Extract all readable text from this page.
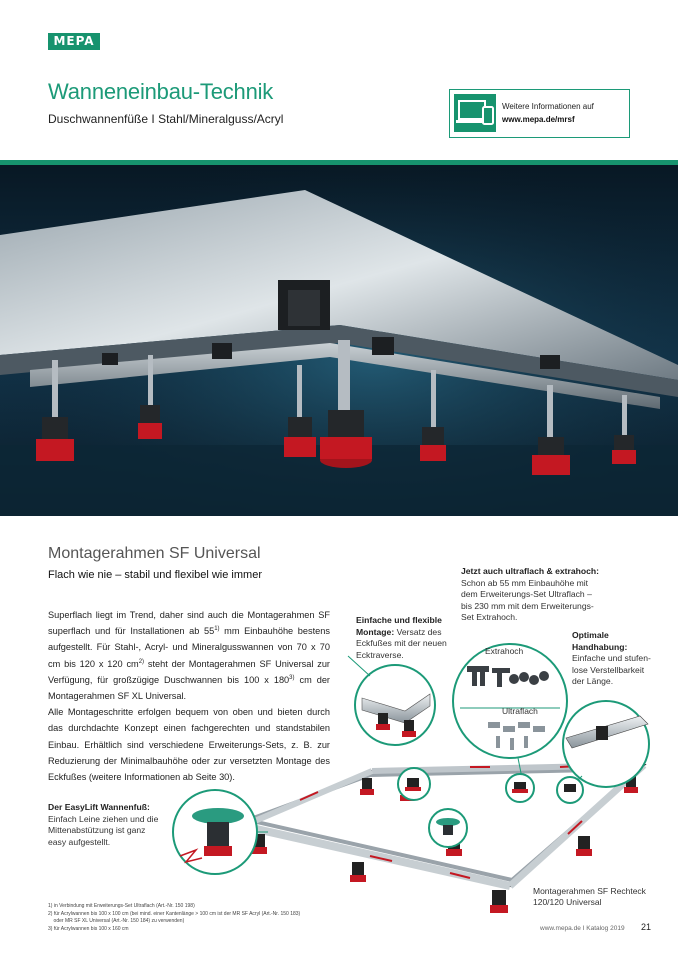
MEPA
Wanneneinbau-Technik
Duschwannenfüße I Stahl/Mineralguss/Acryl
Weitere Informationen auf
www.mepa.de/mrsf
Montagerahmen SF Universal
Flach wie nie – stabil und flexibel wie immer

Superflach liegt im Trend, daher sind auch die Montagerahmen SF superflach und für Installationen ab 55$^{1)}$ mm Einbauhöhe bestens aufgestellt. Für Stahl-, Acryl- und Mineralgusswannen von 70 x 70 cm bis 120 x 120 $cm^{2)}$ steht der Montagerahmen SF Universal zur Verfügung, für großzügige Duschwannen bis 100 x 180$^{3)}$ cm der Montagerahmen SF XL Universal.

Alle Montageschritte erfolgen bequem von oben und bieten durch das durchdachte Konzept einen fachgerechten und standstabilen Einbau. Erhältlich sind verschiedene Erweiterungs-Sets, z. B. zur Reduzierung der Minimalbauhöhe oder zur versetzten Montage des Eckfußes (weitere Informationen ab Seite 30).

Jetzt auch ultraflach & extrahoch:
Schon ab 55 mm Einbauhöhe mit
dem Erweiterungs-Set Ultraflach –
bis 230 mm mit dem Erweiterungs-
Set Extrahoch.
Einfache und flexible
Montage: Versatz des
Eckfußes mit der neuen
Ecktraverse.
Optimale
Handhabung:
Einfache und stufen-
lose Verstellbarkeit
der Länge.
Der EasyLift Wannenfuß:
Einfach Leine ziehen und die
Mittenabstützung ist ganz
easy aufgestellt.
Extrahoch
Ultraflach
Montagerahmen SF Rechteck
120/120 Universal
1) in Verbindung mit Erweiterungs-Set Ultraflach (Art.-Nr. 150 198)
2) für Acrylwannen bis 100 x 100 cm (bei mind. einer Kantenlänge > 100 cm ist der MR SF Acryl (Art.-Nr. 150 183)
oder MR SF XL Universal (Art.-Nr. 150 184) zu verwenden)
3) für Acrylwannen bis 100 x 160 cm	www.mepa.de I Katalog 2019 21
